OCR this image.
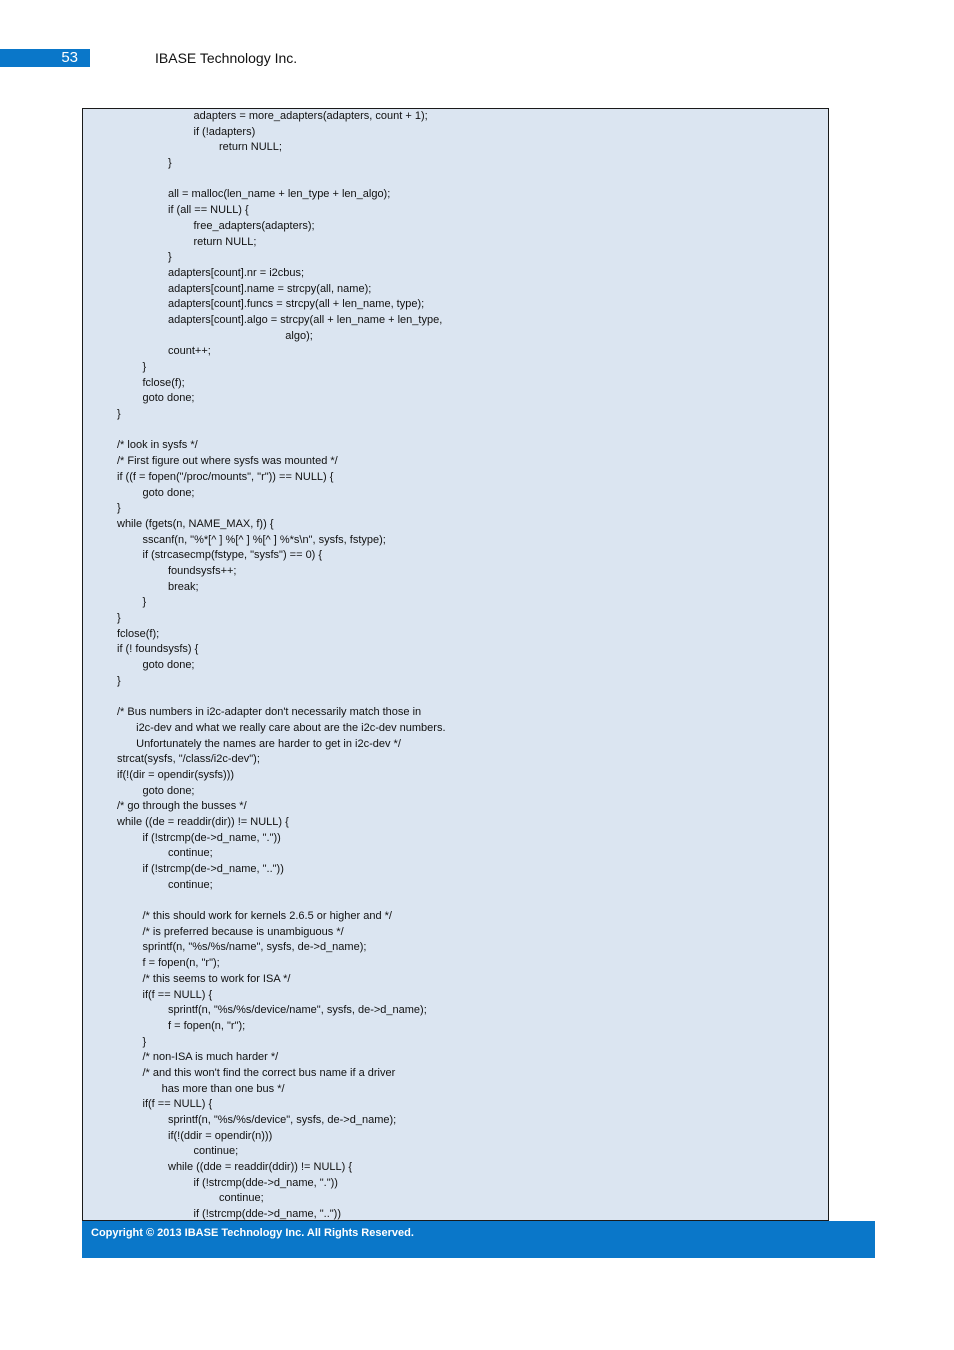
53	IBASE Technology Inc.
adapters = more_adapters(adapters, count + 1);
if (!adapters)
return NULL;
}
all = malloc(len_name + len_type + len_algo);
if (all == NULL) {
free_adapters(adapters);
return NULL;
}
adapters[count].nr = i2cbus;
adapters[count].name = strcpy(all, name);
adapters[count].funcs = strcpy(all + len_name, type);
adapters[count].algo = strcpy(all + len_name + len_type,
algo);
count++;
}
fclose(f);
goto done;
}
/* look in sysfs */
/* First figure out where sysfs was mounted */
if ((f = fopen("/proc/mounts", "r")) == NULL) {
goto done;
}
while (fgets(n, NAME_MAX, f)) {
sscanf(n, "%*[^ ] %[^ ] %[^ ] %*s\n", sysfs, fstype);
if (strcasecmp(fstype, "sysfs") == 0) {
foundsysfs++;
break;
}
}
fclose(f);
if (! foundsysfs) {
goto done;
}
/* Bus numbers in i2c-adapter don't necessarily match those in
i2c-dev and what we really care about are the i2c-dev numbers.
Unfortunately the names are harder to get in i2c-dev */
strcat(sysfs, "/class/i2c-dev");
if(!(dir = opendir(sysfs)))
goto done;
/* go through the busses */
while ((de = readdir(dir)) != NULL) {
if (!strcmp(de->d_name, "."))
continue;
if (!strcmp(de->d_name, ".."))
continue;
/* this should work for kernels 2.6.5 or higher and */
/* is preferred because is unambiguous */
sprintf(n, "%s/%s/name", sysfs, de->d_name);
f = fopen(n, "r");
/* this seems to work for ISA */
if(f == NULL) {
sprintf(n, "%s/%s/device/name", sysfs, de->d_name);
f = fopen(n, "r");
}
/* non-ISA is much harder */
/* and this won't find the correct bus name if a driver
has more than one bus */
if(f == NULL) {
sprintf(n, "%s/%s/device", sysfs, de->d_name);
if(!(ddir = opendir(n)))
continue;
while ((dde = readdir(ddir)) != NULL) {
if (!strcmp(dde->d_name, "."))
continue;
if (!strcmp(dde->d_name, ".."))
Copyright © 2013 IBASE Technology Inc. All Rights Reserved.
